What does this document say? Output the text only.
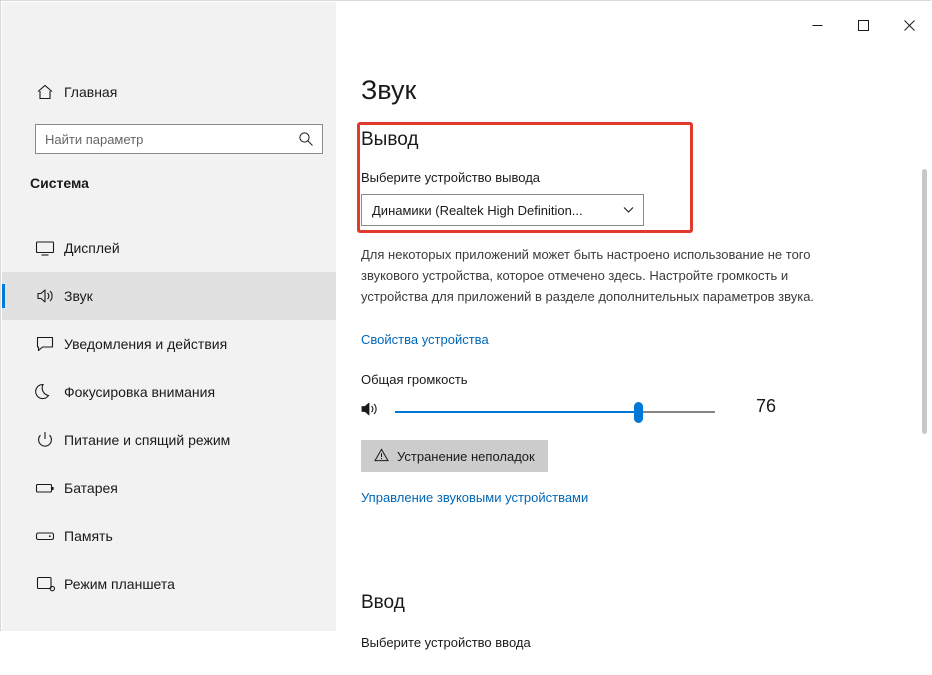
Главная
Найти параметр
Система
Дисплей
Звук
Уведомления и действия
Фокусировка внимания
Питание и спящий режим
Батарея
Память
Режим планшета
Звук
Вывод
Выберите устройство вывода
Динамики (Realtek High Definition...
Для некоторых приложений может быть настроено использование не того звукового устройства, которое отмечено здесь. Настройте громкость и устройства для приложений в разделе дополнительных параметров звука.
Свойства устройства
Общая громкость
76
Устранение неполадок
Управление звуковыми устройствами
Ввод
Выберите устройство ввода
